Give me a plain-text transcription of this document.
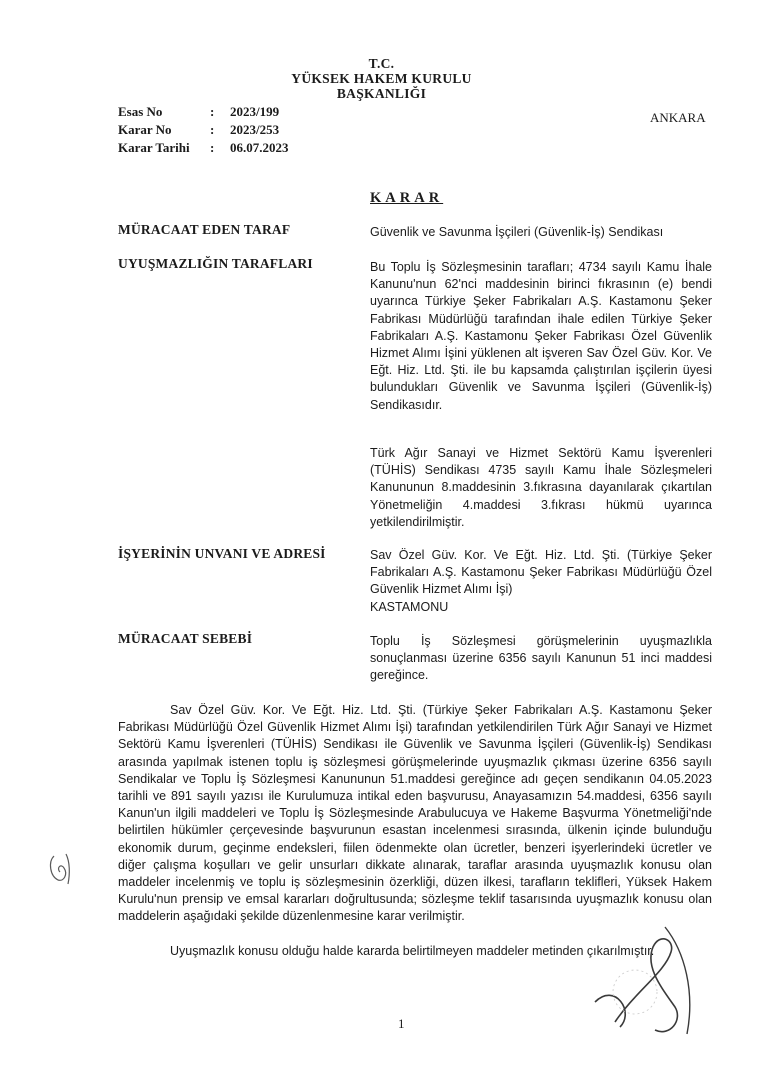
T.C.
YÜKSEK HAKEM KURULU
BAŞKANLIĞI
Esas No	: 2023/199
Karar No	: 2023/253
Karar Tarihi : 06.07.2023
ANKARA
KARAR
MÜRACAAT EDEN TARAF	Güvenlik ve Savunma İşçileri (Güvenlik-İş) Sendikası
UYUŞMAZLIĞIN TARAFLARI	Bu Toplu İş Sözleşmesinin tarafları; 4734 sayılı Kamu İhale Kanunu'nun 62'nci maddesinin birinci fıkrasının (e) bendi uyarınca Türkiye Şeker Fabrikaları A.Ş. Kastamonu Şeker Fabrikası Müdürlüğü tarafından ihale edilen Türkiye Şeker Fabrikaları A.Ş. Kastamonu Şeker Fabrikası Özel Güvenlik Hizmet Alımı İşini yüklenen alt işveren Sav Özel Güv. Kor. Ve Eğt. Hiz. Ltd. Şti. ile bu kapsamda çalıştırılan işçilerin üyesi bulundukları Güvenlik ve Savunma İşçileri (Güvenlik-İş) Sendikasıdır.
Türk Ağır Sanayi ve Hizmet Sektörü Kamu İşverenleri (TÜHİS) Sendikası 4735 sayılı Kamu İhale Sözleşmeleri Kanununun 8.maddesinin 3.fıkrasına dayanılarak çıkartılan Yönetmeliğin 4.maddesi 3.fıkrası hükmü uyarınca yetkilendirilmiştir.
İŞYERİNİN UNVANI VE ADRESİ	Sav Özel Güv. Kor. Ve Eğt. Hiz. Ltd. Şti. (Türkiye Şeker Fabrikaları A.Ş. Kastamonu Şeker Fabrikası Müdürlüğü Özel Güvenlik Hizmet Alımı İşi)
KASTAMONU
MÜRACAAT SEBEBİ	Toplu İş Sözleşmesi görüşmelerinin uyuşmazlıkla sonuçlanması üzerine 6356 sayılı Kanunun 51 inci maddesi gereğince.
Sav Özel Güv. Kor. Ve Eğt. Hiz. Ltd. Şti. (Türkiye Şeker Fabrikaları A.Ş. Kastamonu Şeker Fabrikası Müdürlüğü Özel Güvenlik Hizmet Alımı İşi) tarafından yetkilendirilen Türk Ağır Sanayi ve Hizmet Sektörü Kamu İşverenleri (TÜHİS) Sendikası ile Güvenlik ve Savunma İşçileri (Güvenlik-İş) Sendikası arasında yapılmak istenen toplu iş sözleşmesi görüşmelerinde uyuşmazlık çıkması üzerine 6356 sayılı Sendikalar ve Toplu İş Sözleşmesi Kanununun 51.maddesi gereğince adı geçen sendikanın 04.05.2023 tarihli ve 891 sayılı yazısı ile Kurulumuza intikal eden başvurusu, Anayasamızın 54.maddesi, 6356 sayılı Kanun'un ilgili maddeleri ve Toplu İş Sözleşmesinde Arabulucuya ve Hakeme Başvurma Yönetmeliği'nde belirtilen hükümler çerçevesinde başvurunun esastan incelenmesi sırasında, ülkenin içinde bulunduğu ekonomik durum, geçinme endeksleri, fiilen ödenmekte olan ücretler, benzeri işyerlerindeki ücretler ve diğer çalışma koşulları ve gelir unsurları dikkate alınarak, taraflar arasında uyuşmazlık konusu olan maddeler incelenmiş ve toplu iş sözleşmesinin özerkliği, düzen ilkesi, tarafların teklifleri, Yüksek Hakem Kurulu'nun prensip ve emsal kararları doğrultusunda; sözleşme teklif tasarısında uyuşmazlık konusu olan maddelerin aşağıdaki şekilde düzenlenmesine karar verilmiştir.
Uyuşmazlık konusu olduğu halde kararda belirtilmeyen maddeler metinden çıkarılmıştır.
1
